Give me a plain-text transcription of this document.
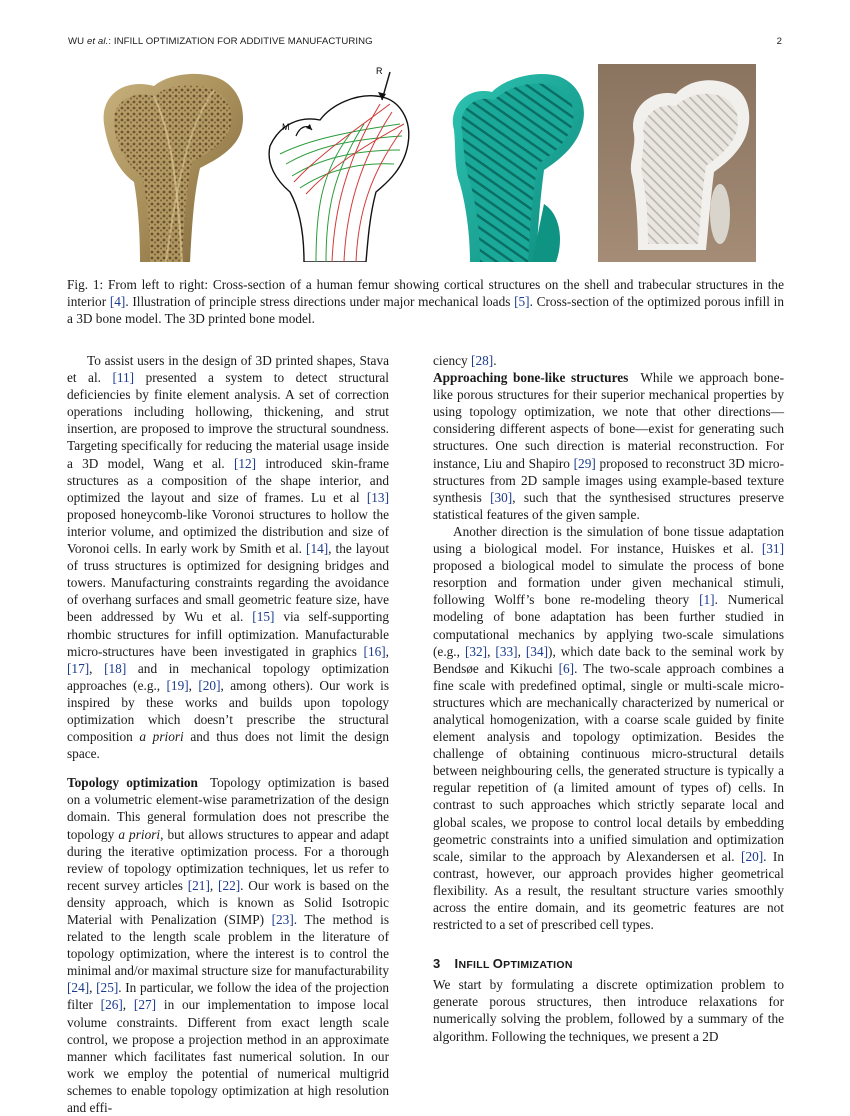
WU et al.: INFILL OPTIMIZATION FOR ADDITIVE MANUFACTURING	2
R
M
Fig. 1: From left to right: Cross-section of a human femur showing cortical structures on the shell and trabecular structures in the interior [4]. Illustration of principle stress directions under major mechanical loads [5]. Cross-section of the optimized porous infill in a 3D bone model. The 3D printed bone model.

To assist users in the design of 3D printed shapes, Stava et al. [11] presented a system to detect structural deficiencies by finite element analysis. A set of correction operations including hollowing, thickening, and strut insertion, are proposed to improve the structural soundness. Targeting specifically for reducing the material usage inside a 3D model, Wang et al. [12] introduced skin-frame structures as a composition of the shape interior, and optimized the layout and size of frames. Lu et al [13] proposed honeycomb-like Voronoi structures to hollow the interior volume, and optimized the distribution and size of Voronoi cells. In early work by Smith et al. [14], the layout of truss structures is optimized for designing bridges and towers. Manufacturing constraints regarding the avoidance of overhang surfaces and small geometric feature size, have been addressed by Wu et al. [15] via self-supporting rhombic structures for infill optimization. Manufacturable micro-structures have been investigated in graphics [16], [17], [18] and in mechanical topology optimization approaches (e.g., [19], [20], among others). Our work is inspired by these works and builds upon topology optimization which doesn’t prescribe the structural composition a priori and thus does not limit the design space.

Topology optimization Topology optimization is based on a volumetric element-wise parametrization of the design domain. This general formulation does not prescribe the topology a priori, but allows structures to appear and adapt during the iterative optimization process. For a thorough review of topology optimization techniques, let us refer to recent survey articles [21], [22]. Our work is based on the density approach, which is known as Solid Isotropic Material with Penalization (SIMP) [23]. The method is related to the length scale problem in the literature of topology optimization, where the interest is to control the minimal and/or maximal structure size for manufacturability [24], [25]. In particular, we follow the idea of the projection filter [26], [27] in our implementation to impose local volume constraints. Different from exact length scale control, we propose a projection method in an approximate manner which facilitates fast numerical solution. In our work we employ the potential of numerical multigrid schemes to enable topology optimization at high resolution and effi-

ciency [28].

Approaching bone-like structures While we approach bone-like porous structures for their superior mechanical properties by using topology optimization, we note that other directions—considering different aspects of bone—exist for generating such structures. One such direction is material reconstruction. For instance, Liu and Shapiro [29] proposed to reconstruct 3D micro-structures from 2D sample images using example-based texture synthesis [30], such that the synthesised structures preserve statistical features of the given sample.

Another direction is the simulation of bone tissue adaptation using a biological model. For instance, Huiskes et al. [31] proposed a biological model to simulate the process of bone resorption and formation under given mechanical stimuli, following Wolff’s bone re-modeling theory [1]. Numerical modeling of bone adaptation has been further studied in computational mechanics by applying two-scale simulations (e.g., [32], [33], [34]), which date back to the seminal work by Bendsøe and Kikuchi [6]. The two-scale approach combines a fine scale with predefined optimal, single or multi-scale micro-structures which are mechanically characterized by numerical or analytical homogenization, with a coarse scale guided by finite element analysis and topology optimization. Besides the challenge of obtaining continuous micro-structural details between neighbouring cells, the generated structure is typically a regular repetition of (a limited amount of types of) cells. In contrast to such approaches which strictly separate local and global scales, we propose to control local details by embedding geometric constraints into a unified simulation and optimization scale, similar to the approach by Alexandersen et al. [20]. In contrast, however, our approach provides higher geometrical flexibility. As a result, the resultant structure varies smoothly across the entire domain, and its geometric features are not restricted to a set of prescribed cell types.

3 INFILL OPTIMIZATION

We start by formulating a discrete optimization problem to generate porous structures, then introduce relaxations for numerically solving the problem, followed by a summary of the algorithm. Following the techniques, we present a 2D
